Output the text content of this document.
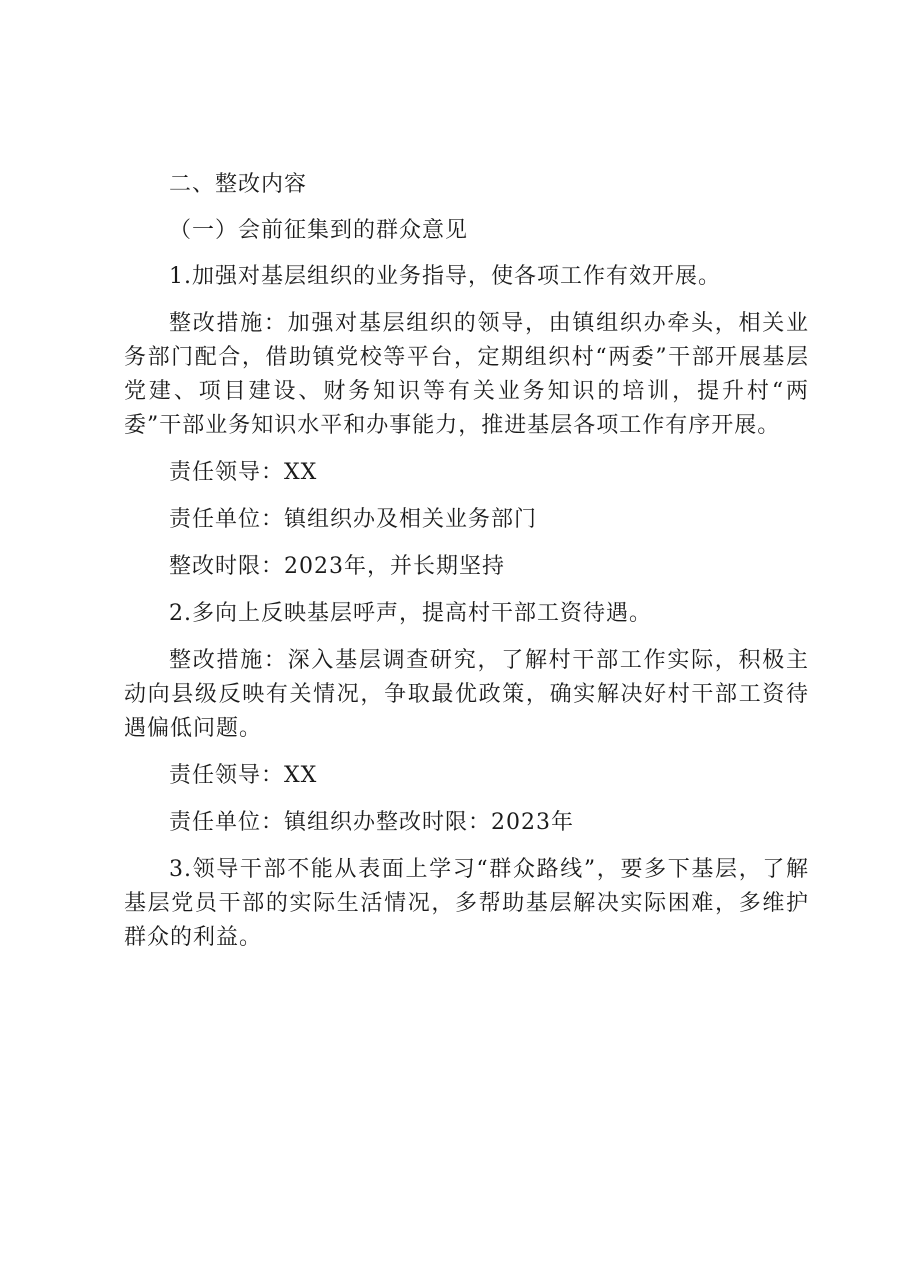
二、整改内容

（一）会前征集到的群众意见

1.加强对基层组织的业务指导，使各项工作有效开展。

整改措施：加强对基层组织的领导，由镇组织办牵头，相关业务部门配合，借助镇党校等平台，定期组织村“两委”干部开展基层党建、项目建设、财务知识等有关业务知识的培训，提升村“两委”干部业务知识水平和办事能力，推进基层各项工作有序开展。

责任领导：XX

责任单位：镇组织办及相关业务部门

整改时限：2023年，并长期坚持

2.多向上反映基层呼声，提高村干部工资待遇。

整改措施：深入基层调查研究，了解村干部工作实际，积极主动向县级反映有关情况，争取最优政策，确实解决好村干部工资待遇偏低问题。

责任领导：XX

责任单位：镇组织办整改时限：2023年

3.领导干部不能从表面上学习“群众路线”，要多下基层，了解基层党员干部的实际生活情况，多帮助基层解决实际困难，多维护群众的利益。
